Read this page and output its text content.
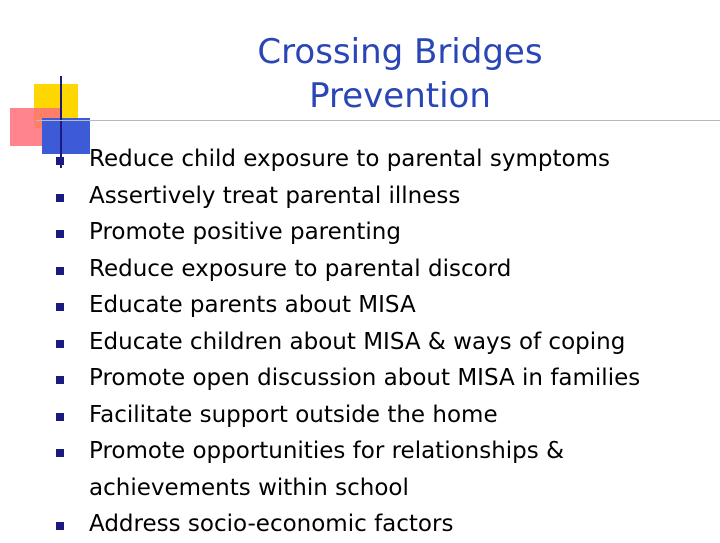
Crossing Bridges
Prevention
Reduce child exposure to parental symptoms
Assertively treat parental illness
Promote positive parenting
Reduce exposure to parental discord
Educate parents about MISA
Educate children about MISA & ways of coping
Promote open discussion about MISA in families
Facilitate support outside the home
Promote opportunities for relationships & achievements within school
Address socio-economic factors
